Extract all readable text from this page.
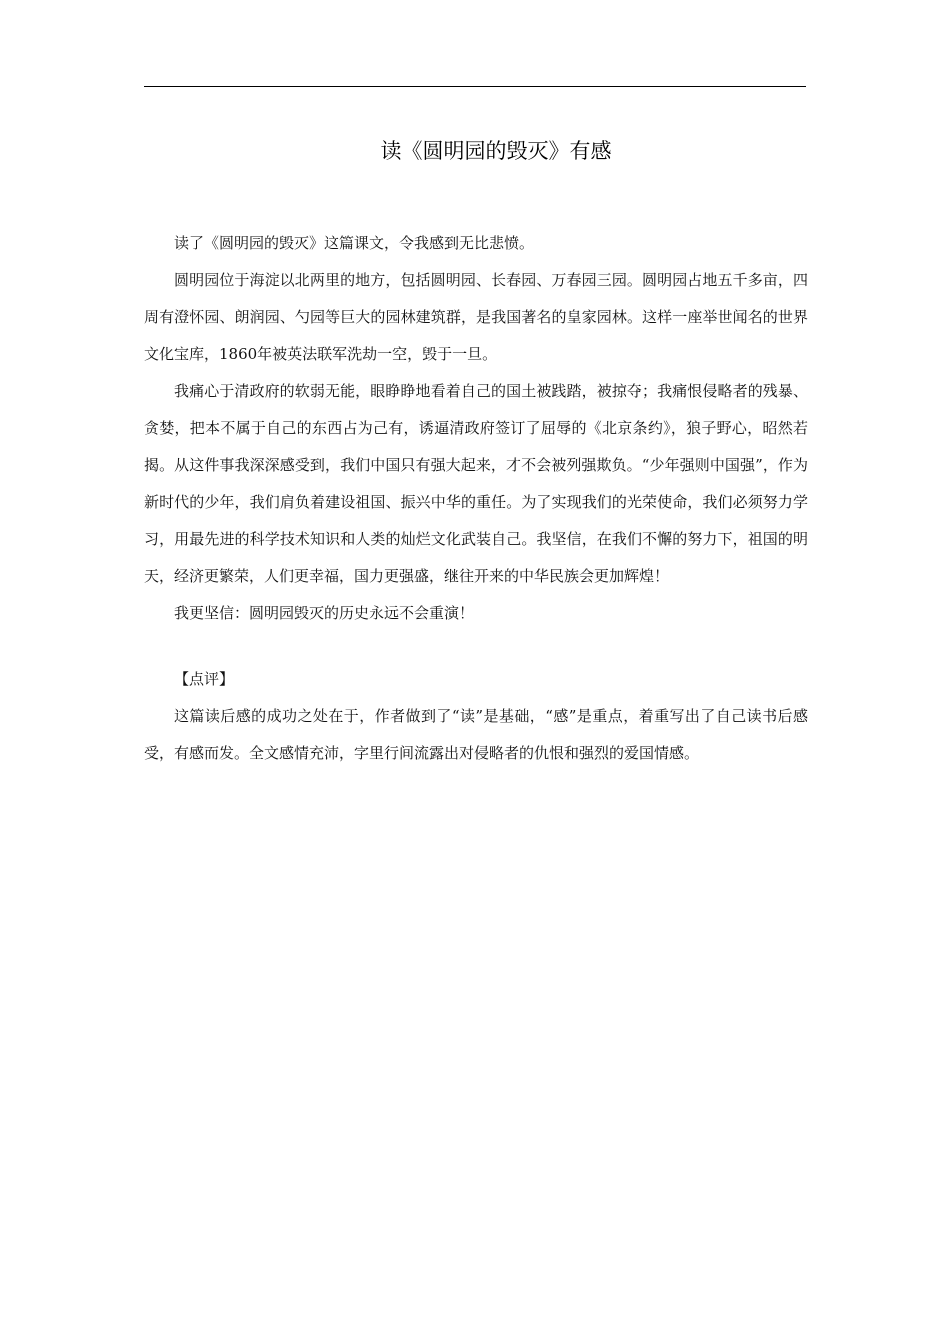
读《圆明园的毁灭》有感

读了《圆明园的毁灭》这篇课文，令我感到无比悲愤。

圆明园位于海淀以北两里的地方，包括圆明园、长春园、万春园三园。圆明园占地五千多亩，四周有澄怀园、朗润园、勺园等巨大的园林建筑群，是我国著名的皇家园林。这样一座举世闻名的世界文化宝库，1860年被英法联军洗劫一空，毁于一旦。

我痛心于清政府的软弱无能，眼睁睁地看着自己的国土被践踏，被掠夺；我痛恨侵略者的残暴、贪婪，把本不属于自己的东西占为己有，诱逼清政府签订了屈辱的《北京条约》，狼子野心，昭然若揭。从这件事我深深感受到，我们中国只有强大起来，才不会被列强欺负。“少年强则中国强”，作为新时代的少年，我们肩负着建设祖国、振兴中华的重任。为了实现我们的光荣使命，我们必须努力学习，用最先进的科学技术知识和人类的灿烂文化武装自己。我坚信，在我们不懈的努力下，祖国的明天，经济更繁荣，人们更幸福，国力更强盛，继往开来的中华民族会更加辉煌！

我更坚信：圆明园毁灭的历史永远不会重演！

【点评】

这篇读后感的成功之处在于，作者做到了“读”是基础，“感”是重点，着重写出了自己读书后感受，有感而发。全文感情充沛，字里行间流露出对侵略者的仇恨和强烈的爱国情感。
